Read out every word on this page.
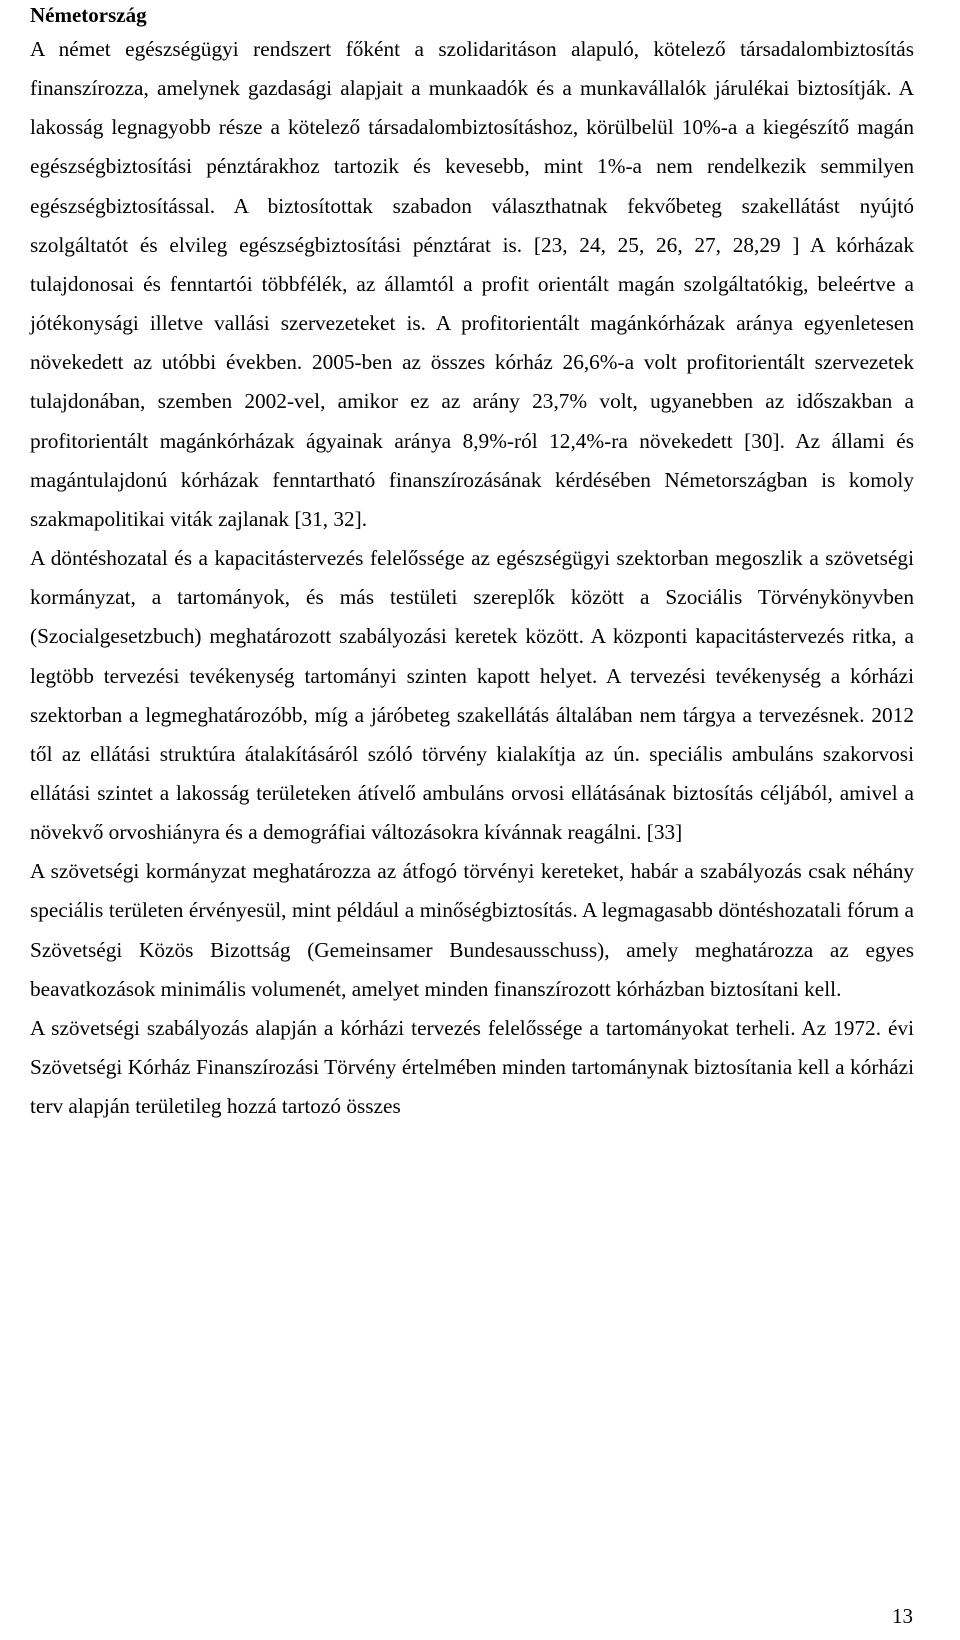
Németország

A német egészségügyi rendszert főként a szolidaritáson alapuló, kötelező társadalombiztosítás finanszírozza, amelynek gazdasági alapjait a munkaadók és a munkavállalók járulékai biztosítják. A lakosság legnagyobb része a kötelező társadalombiztosításhoz, körülbelül 10%-a a kiegészítő magán egészségbiztosítási pénztárakhoz tartozik és kevesebb, mint 1%-a nem rendelkezik semmilyen egészségbiztosítással. A biztosítottak szabadon választhatnak fekvőbeteg szakellátást nyújtó szolgáltatót és elvileg egészségbiztosítási pénztárat is. [23, 24, 25, 26, 27, 28,29 ] A kórházak tulajdonosai és fenntartói többfélék, az államtól a profit orientált magán szolgáltatókig, beleértve a jótékonysági illetve vallási szervezeteket is. A profitorientált magánkórházak aránya egyenletesen növekedett az utóbbi években. 2005-ben az összes kórház 26,6%-a volt profitorientált szervezetek tulajdonában, szemben 2002-vel, amikor ez az arány 23,7% volt, ugyanebben az időszakban a profitorientált magánkórházak ágyainak aránya 8,9%-ról 12,4%-ra növekedett [30]. Az állami és magántulajdonú kórházak fenntartható finanszírozásának kérdésében Németországban is komoly szakmapolitikai viták zajlanak [31, 32].

A döntéshozatal és a kapacitástervezés felelőssége az egészségügyi szektorban megoszlik a szövetségi kormányzat, a tartományok, és más testületi szereplők között a Szociális Törvénykönyvben (Szocialgesetzbuch) meghatározott szabályozási keretek között. A központi kapacitástervezés ritka, a legtöbb tervezési tevékenység tartományi szinten kapott helyet. A tervezési tevékenység a kórházi szektorban a legmeghatározóbb, míg a járóbeteg szakellátás általában nem tárgya a tervezésnek. 2012 től az ellátási struktúra átalakításáról szóló törvény kialakítja az ún. speciális ambuláns szakorvosi ellátási szintet a lakosság területeken átívelő ambuláns orvosi ellátásának biztosítás céljából, amivel a növekvő orvoshiányra és a demográfiai változásokra kívánnak reagálni. [33]

A szövetségi kormányzat meghatározza az átfogó törvényi kereteket, habár a szabályozás csak néhány speciális területen érvényesül, mint például a minőségbiztosítás. A legmagasabb döntéshozatali fórum a Szövetségi Közös Bizottság (Gemeinsamer Bundesausschuss), amely meghatározza az egyes beavatkozások minimális volumenét, amelyet minden finanszírozott kórházban biztosítani kell.

A szövetségi szabályozás alapján a kórházi tervezés felelőssége a tartományokat terheli. Az 1972. évi Szövetségi Kórház Finanszírozási Törvény értelmében minden tartománynak biztosítania kell a kórházi terv alapján területileg hozzá tartozó összes

13
